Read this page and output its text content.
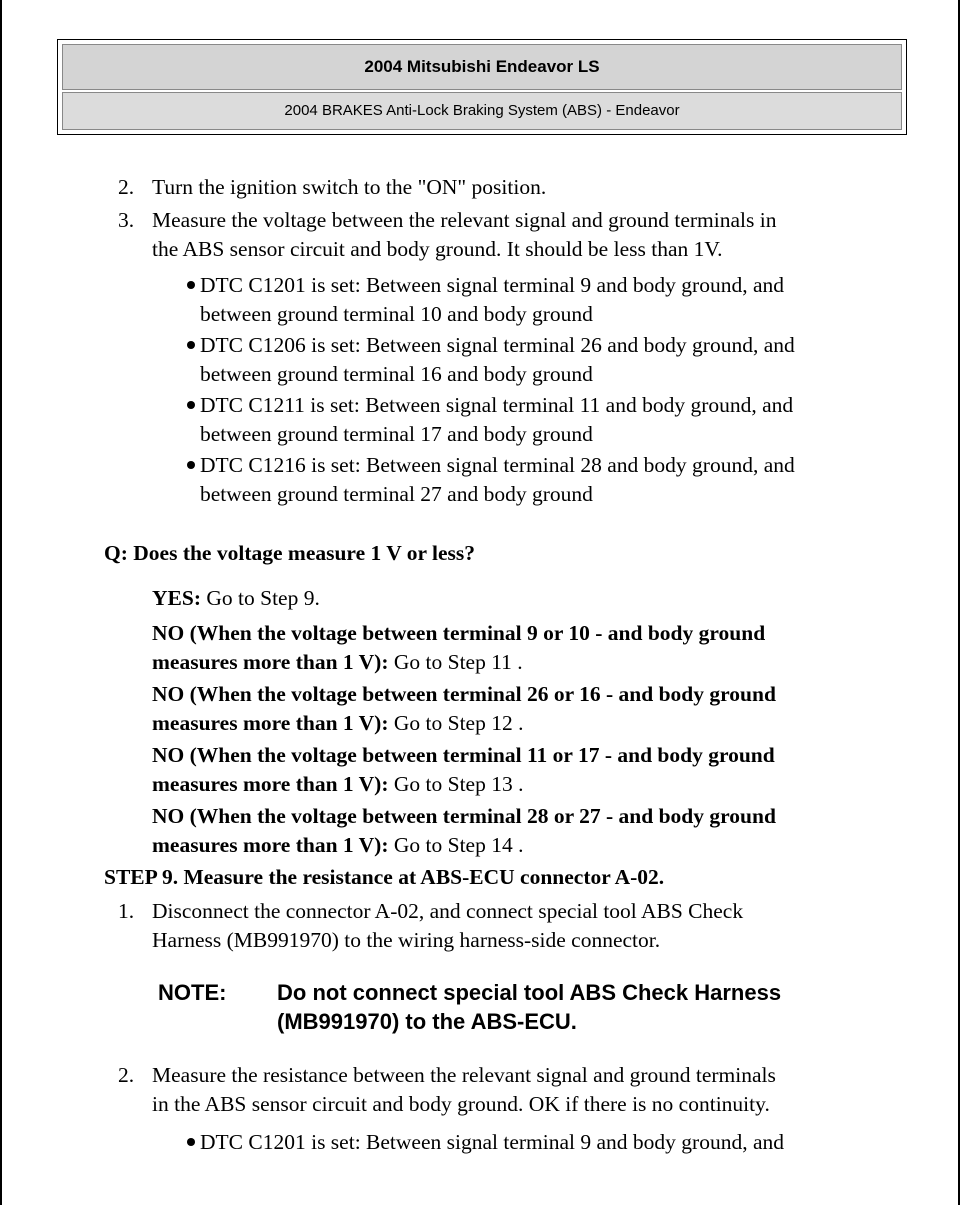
2004 Mitsubishi Endeavor LS
2004 BRAKES Anti-Lock Braking System (ABS) - Endeavor
2. Turn the ignition switch to the "ON" position.
3. Measure the voltage between the relevant signal and ground terminals in
the ABS sensor circuit and body ground. It should be less than 1V.
DTC C1201 is set: Between signal terminal 9 and body ground, and
between ground terminal 10 and body ground
DTC C1206 is set: Between signal terminal 26 and body ground, and
between ground terminal 16 and body ground
DTC C1211 is set: Between signal terminal 11 and body ground, and
between ground terminal 17 and body ground
DTC C1216 is set: Between signal terminal 28 and body ground, and
between ground terminal 27 and body ground
Q: Does the voltage measure 1 V or less?
YES: Go to Step 9.
NO (When the voltage between terminal 9 or 10 - and body ground
measures more than 1 V): Go to Step 11 .
NO (When the voltage between terminal 26 or 16 - and body ground
measures more than 1 V): Go to Step 12 .
NO (When the voltage between terminal 11 or 17 - and body ground
measures more than 1 V): Go to Step 13 .
NO (When the voltage between terminal 28 or 27 - and body ground
measures more than 1 V): Go to Step 14 .
STEP 9. Measure the resistance at ABS-ECU connector A-02.
1. Disconnect the connector A-02, and connect special tool ABS Check
Harness (MB991970) to the wiring harness-side connector.
NOTE: Do not connect special tool ABS Check Harness
(MB991970) to the ABS-ECU.
2. Measure the resistance between the relevant signal and ground terminals
in the ABS sensor circuit and body ground. OK if there is no continuity.
DTC C1201 is set: Between signal terminal 9 and body ground, and
